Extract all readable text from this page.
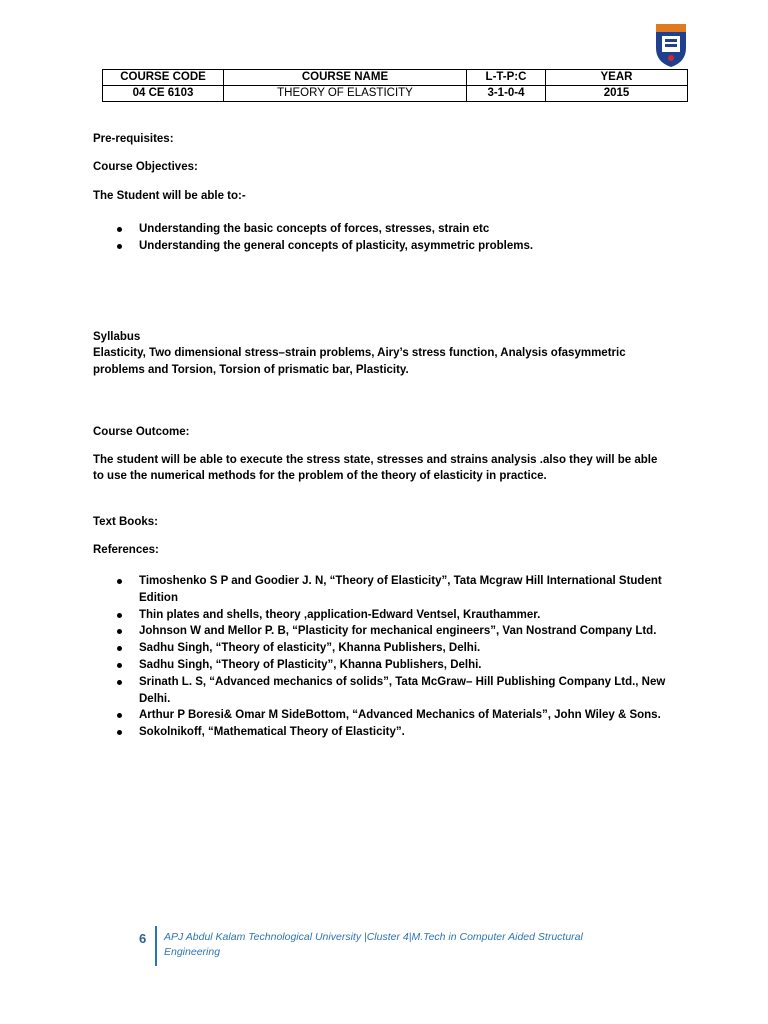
COURSE CODE	COURSE NAME	L-T-P:C	YEAR
04 CE 6103	THEORY OF ELASTICITY	3-1-0-4	2015
Pre-requisites:
Course Objectives:
The Student will be able to:-
Understanding the basic concepts of forces, stresses, strain etc
Understanding the general concepts of plasticity, asymmetric problems.
Syllabus
Elasticity, Two dimensional stress–strain problems, Airy’s stress function, Analysis ofasymmetric
problems and Torsion, Torsion of prismatic bar, Plasticity.
Course Outcome:
The student will be able to execute the stress state, stresses and strains analysis .also they will be able
to use the numerical methods for the problem of the theory of elasticity in practice.
Text Books:
References:
Timoshenko S P and Goodier J. N, “Theory of Elasticity”, Tata Mcgraw Hill International Student
Edition
Thin plates and shells, theory ,application-Edward Ventsel, Krauthammer.
Johnson W and Mellor P. B, “Plasticity for mechanical engineers”, Van Nostrand Company Ltd.
Sadhu Singh, “Theory of elasticity”, Khanna Publishers, Delhi.
Sadhu Singh, “Theory of Plasticity”, Khanna Publishers, Delhi.
Srinath L. S, “Advanced mechanics of solids”, Tata McGraw– Hill Publishing Company Ltd., New
Delhi.
Arthur P Boresi& Omar M SideBottom, “Advanced Mechanics of Materials”, John Wiley & Sons.
Sokolnikoff, “Mathematical Theory of Elasticity”.
6 APJ Abdul Kalam Technological University |Cluster 4|M.Tech in Computer Aided Structural
Engineering
